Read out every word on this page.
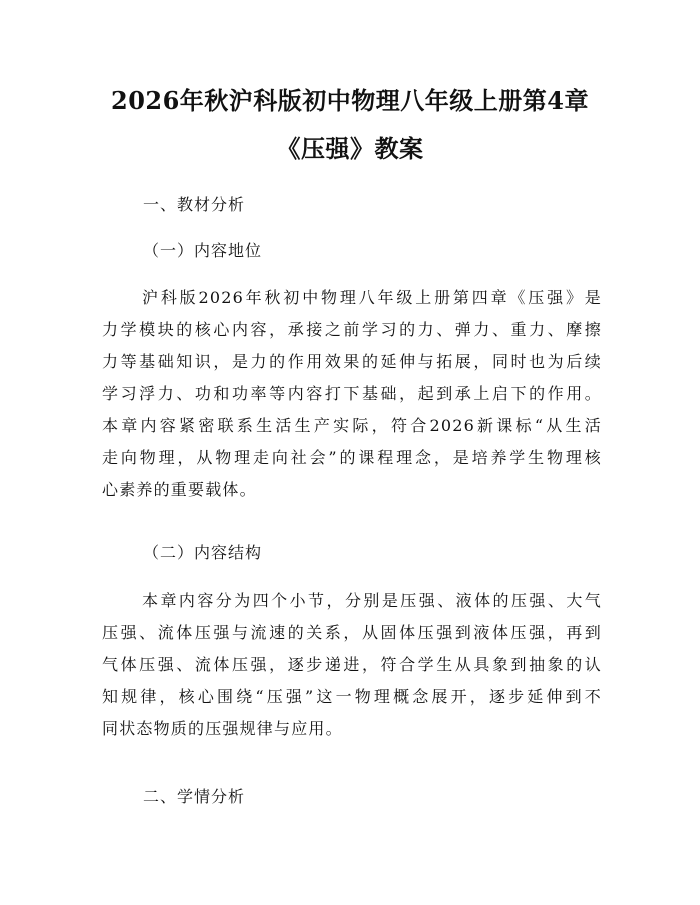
2026年秋沪科版初中物理八年级上册第4章
《压强》教案
一、教材分析
（一）内容地位
沪科版2026年秋初中物理八年级上册第四章《压强》是
力学模块的核心内容，承接之前学习的力、弹力、重力、摩擦
力等基础知识，是力的作用效果的延伸与拓展，同时也为后续
学习浮力、功和功率等内容打下基础，起到承上启下的作用。
本章内容紧密联系生活生产实际，符合2026新课标“从生活
走向物理，从物理走向社会”的课程理念，是培养学生物理核
心素养的重要载体。
（二）内容结构
本章内容分为四个小节，分别是压强、液体的压强、大气
压强、流体压强与流速的关系，从固体压强到液体压强，再到
气体压强、流体压强，逐步递进，符合学生从具象到抽象的认
知规律，核心围绕“压强”这一物理概念展开，逐步延伸到不
同状态物质的压强规律与应用。
二、学情分析
